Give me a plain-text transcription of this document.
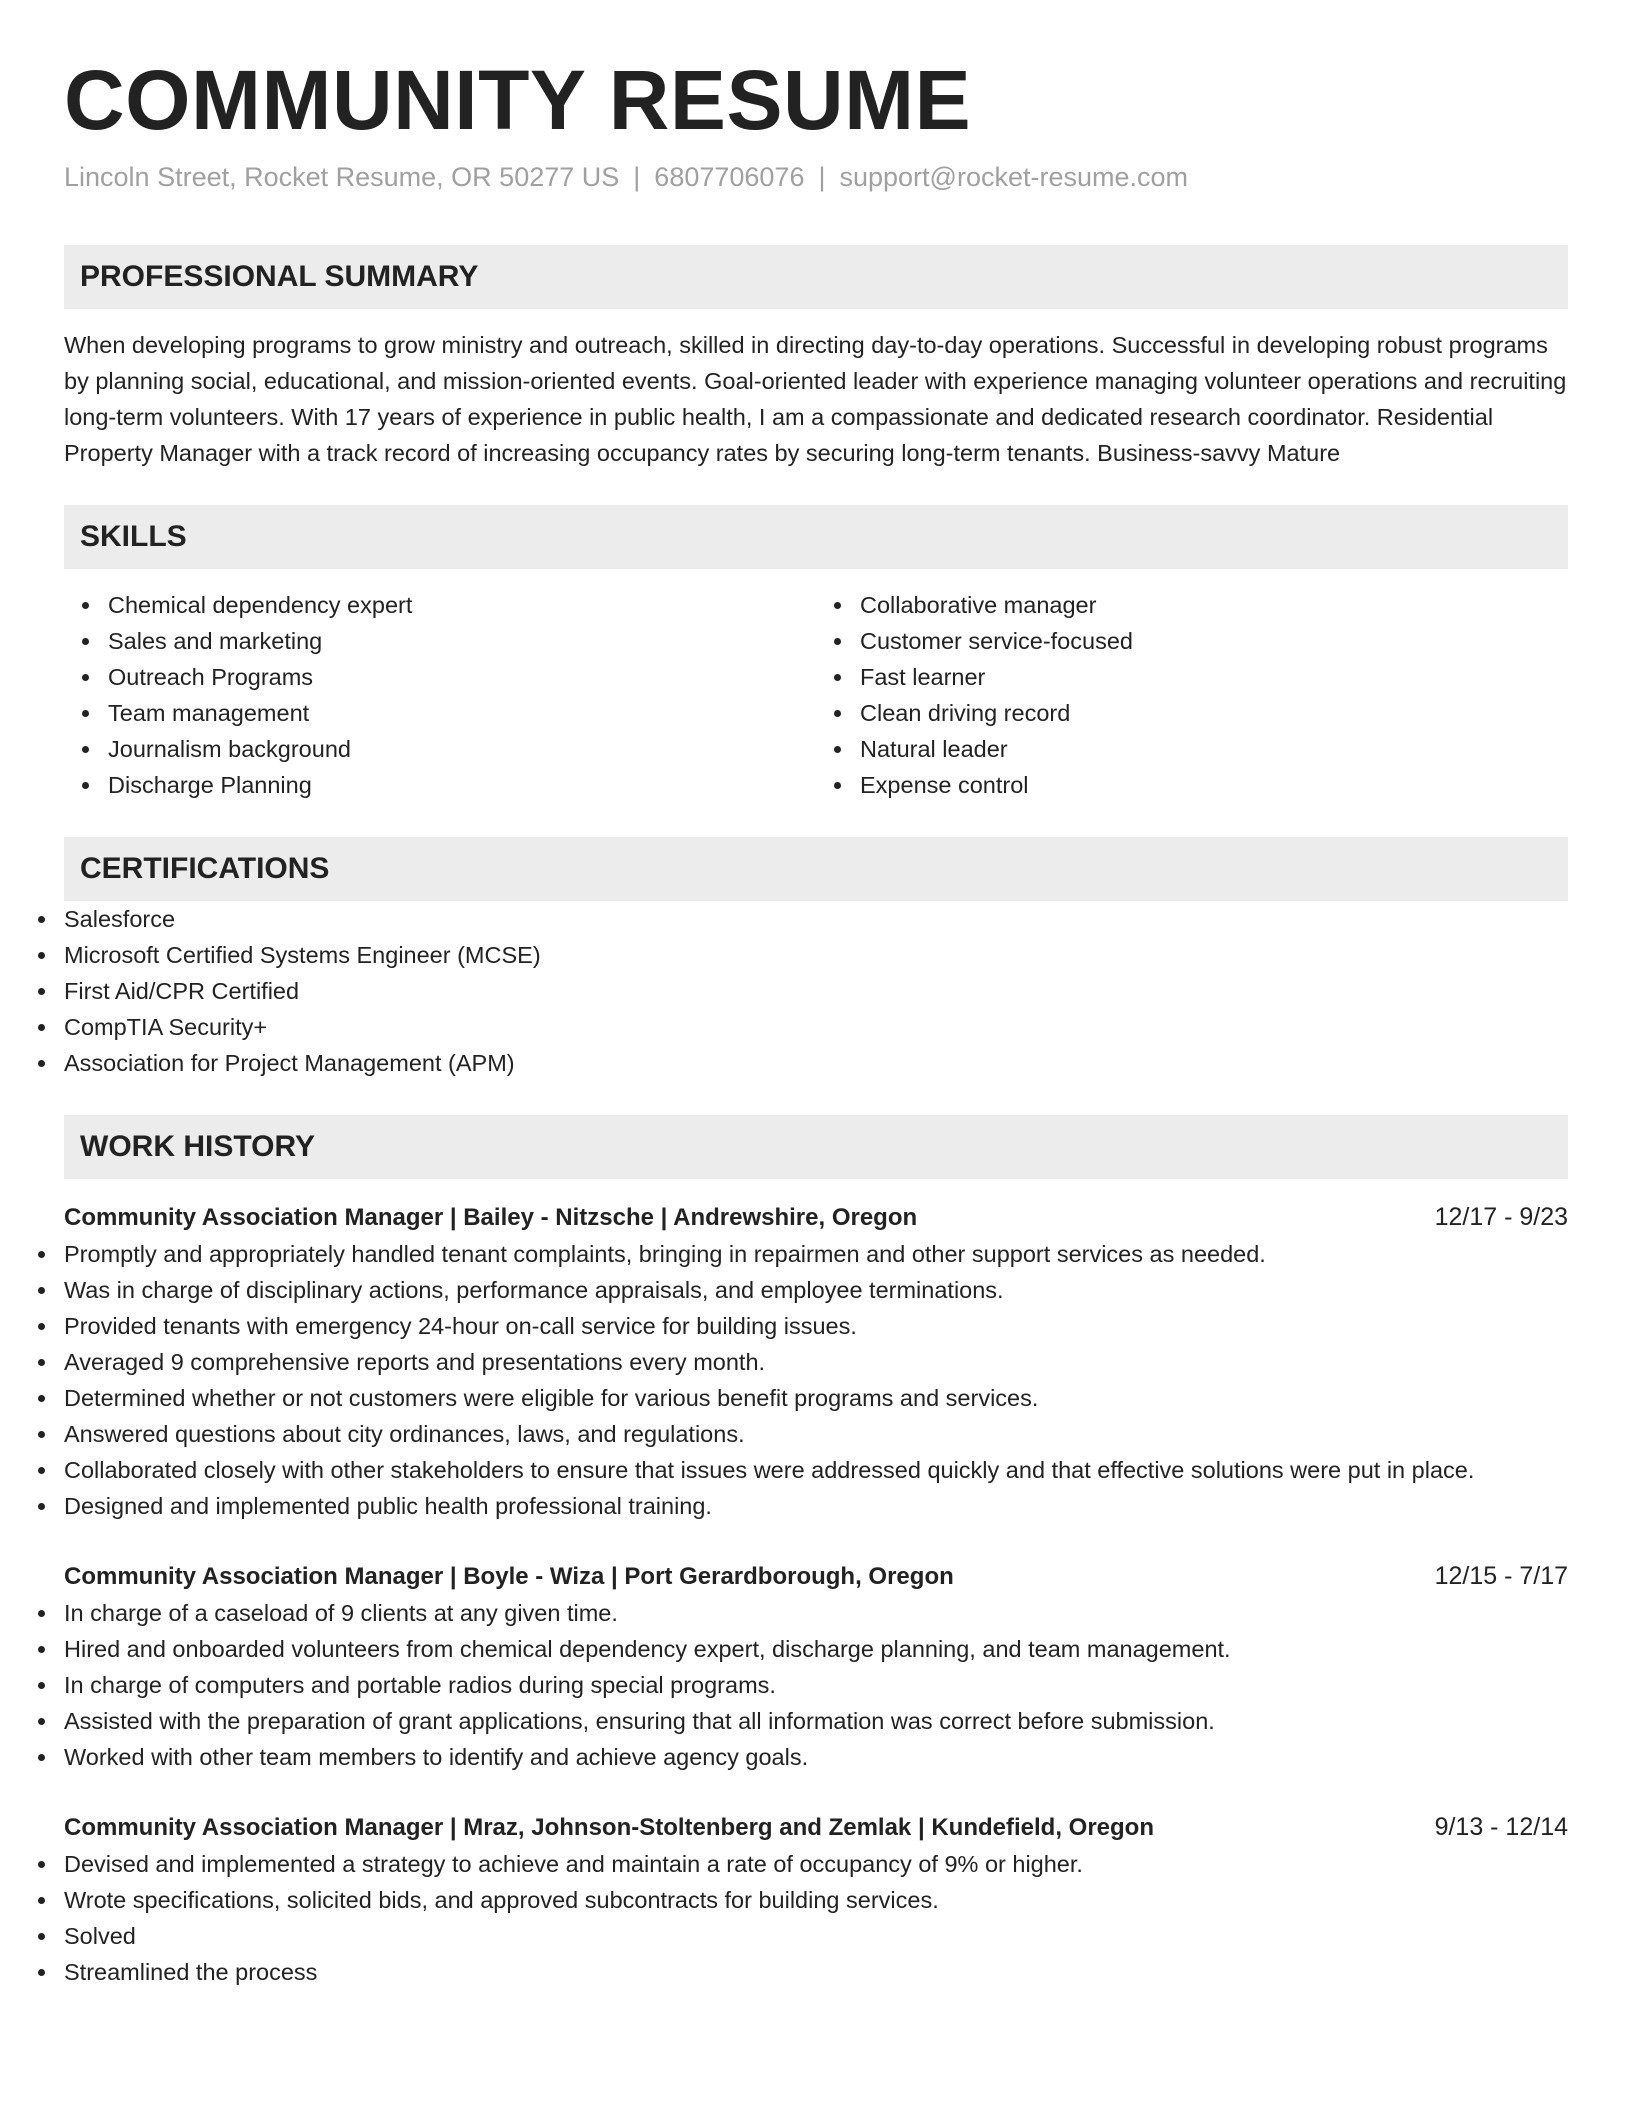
COMMUNITY RESUME
Lincoln Street, Rocket Resume, OR 50277 US | 6807706076 | support@rocket-resume.com
PROFESSIONAL SUMMARY

When developing programs to grow ministry and outreach, skilled in directing day-to-day operations. Successful in developing robust programs by planning social, educational, and mission-oriented events. Goal-oriented leader with experience managing volunteer operations and recruiting long-term volunteers. With 17 years of experience in public health, I am a compassionate and dedicated research coordinator. Residential Property Manager with a track record of increasing occupancy rates by securing long-term tenants. Business-savvy Mature

SKILLS
Chemical dependency expert
Sales and marketing
Outreach Programs
Team management
Journalism background
Discharge Planning
Collaborative manager
Customer service-focused
Fast learner
Clean driving record
Natural leader
Expense control
CERTIFICATIONS
Salesforce
Microsoft Certified Systems Engineer (MCSE)
First Aid/CPR Certified
CompTIA Security+
Association for Project Management (APM)
WORK HISTORY
Community Association Manager | Bailey - Nitzsche | Andrewshire, Oregon	12/17 - 9/23
Promptly and appropriately handled tenant complaints, bringing in repairmen and other support services as needed.
Was in charge of disciplinary actions, performance appraisals, and employee terminations.
Provided tenants with emergency 24-hour on-call service for building issues.
Averaged 9 comprehensive reports and presentations every month.
Determined whether or not customers were eligible for various benefit programs and services.
Answered questions about city ordinances, laws, and regulations.
Collaborated closely with other stakeholders to ensure that issues were addressed quickly and that effective solutions were put in place.
Designed and implemented public health professional training.
Community Association Manager | Boyle - Wiza | Port Gerardborough, Oregon	12/15 - 7/17
In charge of a caseload of 9 clients at any given time.
Hired and onboarded volunteers from chemical dependency expert, discharge planning, and team management.
In charge of computers and portable radios during special programs.
Assisted with the preparation of grant applications, ensuring that all information was correct before submission.
Worked with other team members to identify and achieve agency goals.
Community Association Manager | Mraz, Johnson-Stoltenberg and Zemlak | Kundefield, Oregon	9/13 - 12/14
Devised and implemented a strategy to achieve and maintain a rate of occupancy of 9% or higher.
Wrote specifications, solicited bids, and approved subcontracts for building services.
Solved
Streamlined the process
